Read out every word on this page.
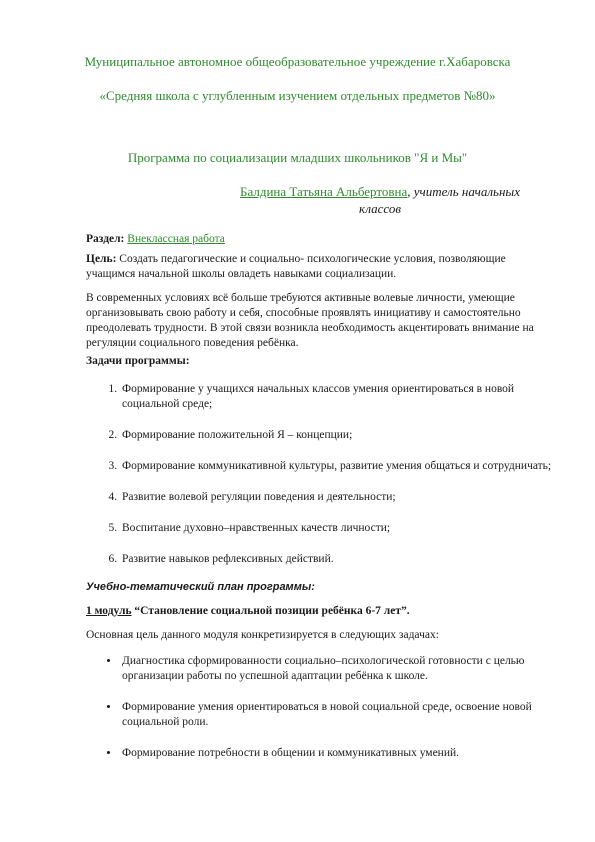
Муниципальное автономное общеобразовательное учреждение г.Хабаровска
«Средняя школа с углубленным изучением отдельных предметов №80»
Программа по социализации младших школьников "Я и Мы"
Балдина Татьяна Альбертовна, учитель начальных классов
Раздел: Внеклассная работа
Цель: Создать педагогические и социально- психологические условия, позволяющие учащимся начальной школы овладеть навыками социализации.
В современных условиях всё больше требуются активные волевые личности, умеющие организовывать свою работу и себя, способные проявлять инициативу и самостоятельно преодолевать трудности. В этой связи возникла необходимость акцентировать внимание на регуляции социального поведения ребёнка.
Задачи программы:
1. Формирование у учащихся начальных классов умения ориентироваться в новой социальной среде;
2. Формирование положительной Я – концепции;
3. Формирование коммуникативной культуры, развитие умения общаться и сотрудничать;
4. Развитие волевой регуляции поведения и деятельности;
5. Воспитание духовно–нравственных качеств личности;
6. Развитие навыков рефлексивных действий.
Учебно-тематический план программы:
1 модуль “Становление социальной позиции ребёнка 6-7 лет”.
Основная цель данного модуля конкретизируется в следующих задачах:
• Диагностика сформированности социально–психологической готовности с целью организации работы по успешной адаптации ребёнка к школе.
• Формирование умения ориентироваться в новой социальной среде, освоение новой социальной роли.
• Формирование потребности в общении и коммуникативных умений.
